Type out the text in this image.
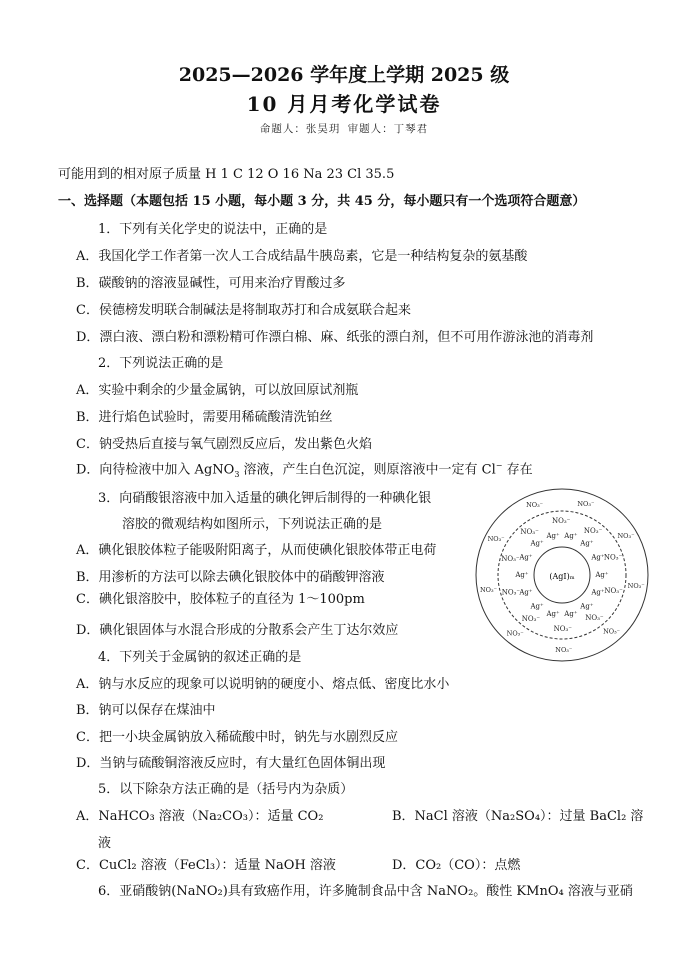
2025—2026 学年度上学期 2025 级
10 月月考化学试卷
命题人：张昊玥 审题人：丁琴君
可能用到的相对原子质量 H 1 C 12 O 16 Na 23 Cl 35.5
一、选择题（本题包括 15 小题，每小题 3 分，共 45 分，每小题只有一个选项符合题意）
1．下列有关化学史的说法中，正确的是
A．我国化学工作者第一次人工合成结晶牛胰岛素，它是一种结构复杂的氨基酸
B．碳酸钠的溶液显碱性，可用来治疗胃酸过多
C．侯德榜发明联合制碱法是将制取苏打和合成氨联合起来
D．漂白液、漂白粉和漂粉精可作漂白棉、麻、纸张的漂白剂，但不可用作游泳池的消毒剂
2．下列说法正确的是
A．实验中剩余的少量金属钠，可以放回原试剂瓶
B．进行焰色试验时，需要用稀硫酸清洗铂丝
C．钠受热后直接与氧气剧烈反应后，发出紫色火焰
D．向待检液中加入 AgNO$_3$ 溶液，产生白色沉淀，则原溶液中一定有 Cl− 存在
3．向硝酸银溶液中加入适量的碘化钾后制得的一种碘化银
溶胶的微观结构如图所示，下列说法正确的是
A．碘化银胶体粒子能吸附阳离子，从而使碘化银胶体带正电荷
B．用渗析的方法可以除去碘化银胶体中的硝酸钾溶液
C．碘化银溶胶中，胶体粒子的直径为 1～100pm
D．碘化银固体与水混合形成的分散系会产生丁达尔效应
(AgI)ₘ	Ag⁺
Ag⁺
Ag⁺
Ag⁺
Ag⁺
Ag⁺
Ag⁺
Ag⁺
Ag⁺
Ag⁺
Ag⁺ Ag⁺
Ag⁺
Ag⁺
NO₃⁻
NO₃⁻
NO₃⁻
NO₃⁻
NO₃⁻
NO₃⁻
NO₃⁻
NO₃⁻
NO₃⁻
NO₃⁻
NO₃⁻
NO₃⁻
NO₃⁻
NO₃⁻
NO₃⁻
NO₃⁻
NO₃⁻	NO₃⁻
NO₃⁻
4．下列关于金属钠的叙述正确的是
A．钠与水反应的现象可以说明钠的硬度小、熔点低、密度比水小
B．钠可以保存在煤油中
C．把一小块金属钠放入稀硫酸中时，钠先与水剧烈反应
D．当钠与硫酸铜溶液反应时，有大量红色固体铜出现
5．以下除杂方法正确的是（括号内为杂质）
A．NaHCO₃ 溶液（Na₂CO₃）：适量 CO₂	B．NaCl 溶液（Na₂SO₄）：过量 BaCl₂ 溶
液
C．CuCl₂ 溶液（FeCl₃）：适量 NaOH 溶液	D．CO₂（CO）：点燃
6．亚硝酸钠(NaNO₂)具有致癌作用，许多腌制食品中含 NaNO₂。酸性 KMnO₄ 溶液与亚硝
